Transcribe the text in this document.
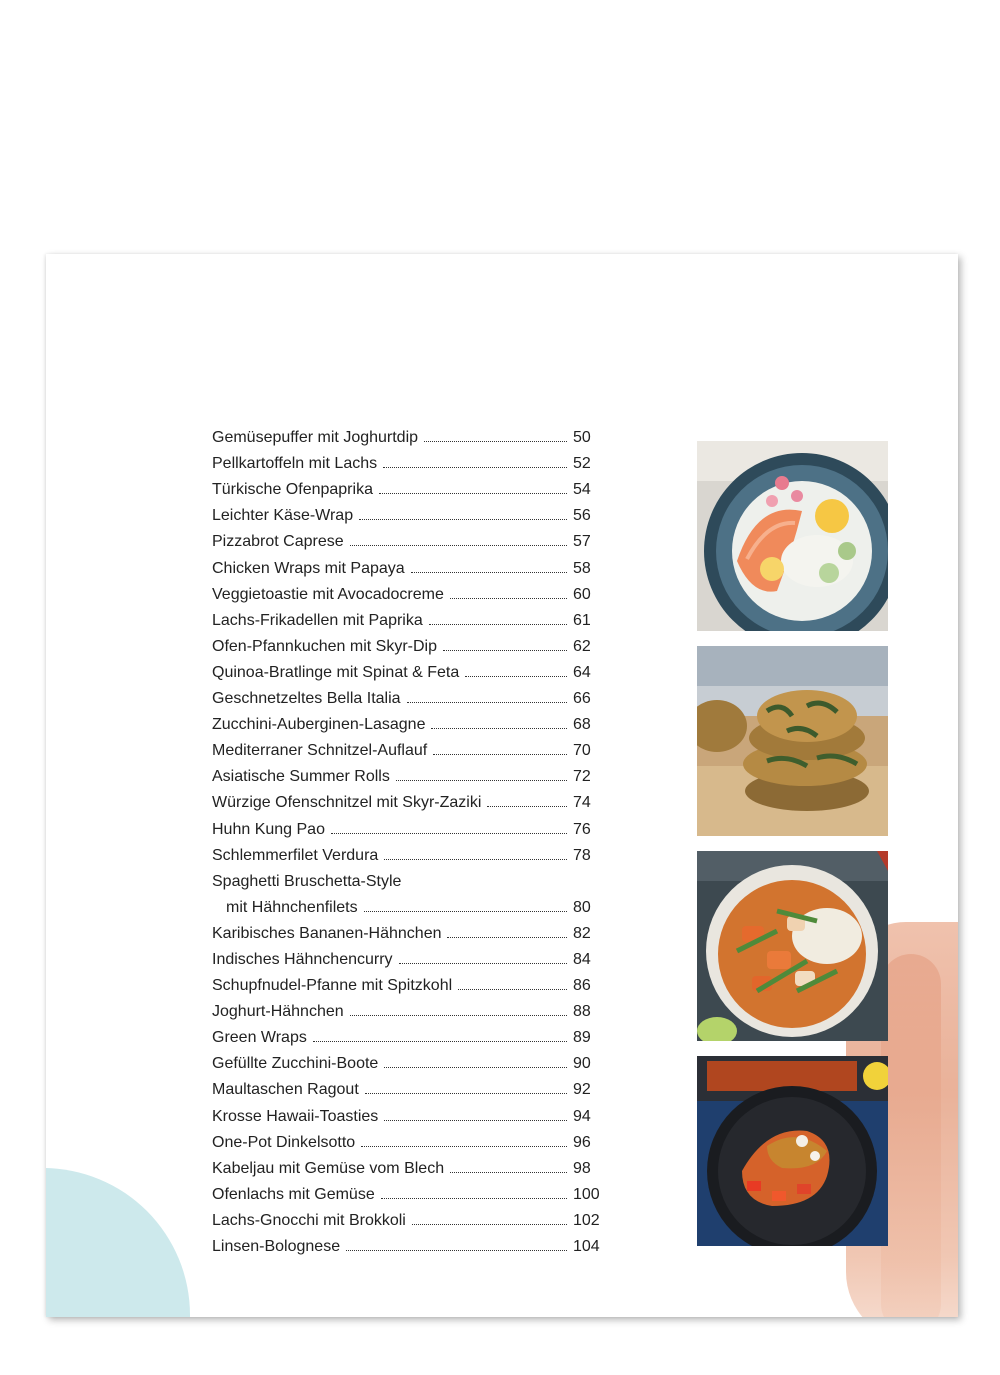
Gemüsepuffer mit Joghurtdip	50
Pellkartoffeln mit Lachs	52
Türkische Ofenpaprika	54
Leichter Käse-Wrap	56
Pizzabrot Caprese	57
Chicken Wraps mit Papaya	58
Veggietoastie mit Avocadocreme	60
Lachs-Frikadellen mit Paprika	61
Ofen-Pfannkuchen mit Skyr-Dip	62
Quinoa-Bratlinge mit Spinat & Feta	64
Geschnetzeltes Bella Italia	66
Zucchini-Auberginen-Lasagne	68
Mediterraner Schnitzel-Auflauf	70
Asiatische Summer Rolls	72
Würzige Ofenschnitzel mit Skyr-Zaziki	74
Huhn Kung Pao	76
Schlemmerfilet Verdura	78
Spaghetti Bruschetta-Style
mit Hähnchenfilets	80
Karibisches Bananen-Hähnchen	82
Indisches Hähnchencurry	84
Schupfnudel-Pfanne mit Spitzkohl	86
Joghurt-Hähnchen	88
Green Wraps	89
Gefüllte Zucchini-Boote	90
Maultaschen Ragout	92
Krosse Hawaii-Toasties	94
One-Pot Dinkelsotto	96
Kabeljau mit Gemüse vom Blech	98
Ofenlachs mit Gemüse	100
Lachs-Gnocchi mit Brokkoli	102
Linsen-Bolognese	104
